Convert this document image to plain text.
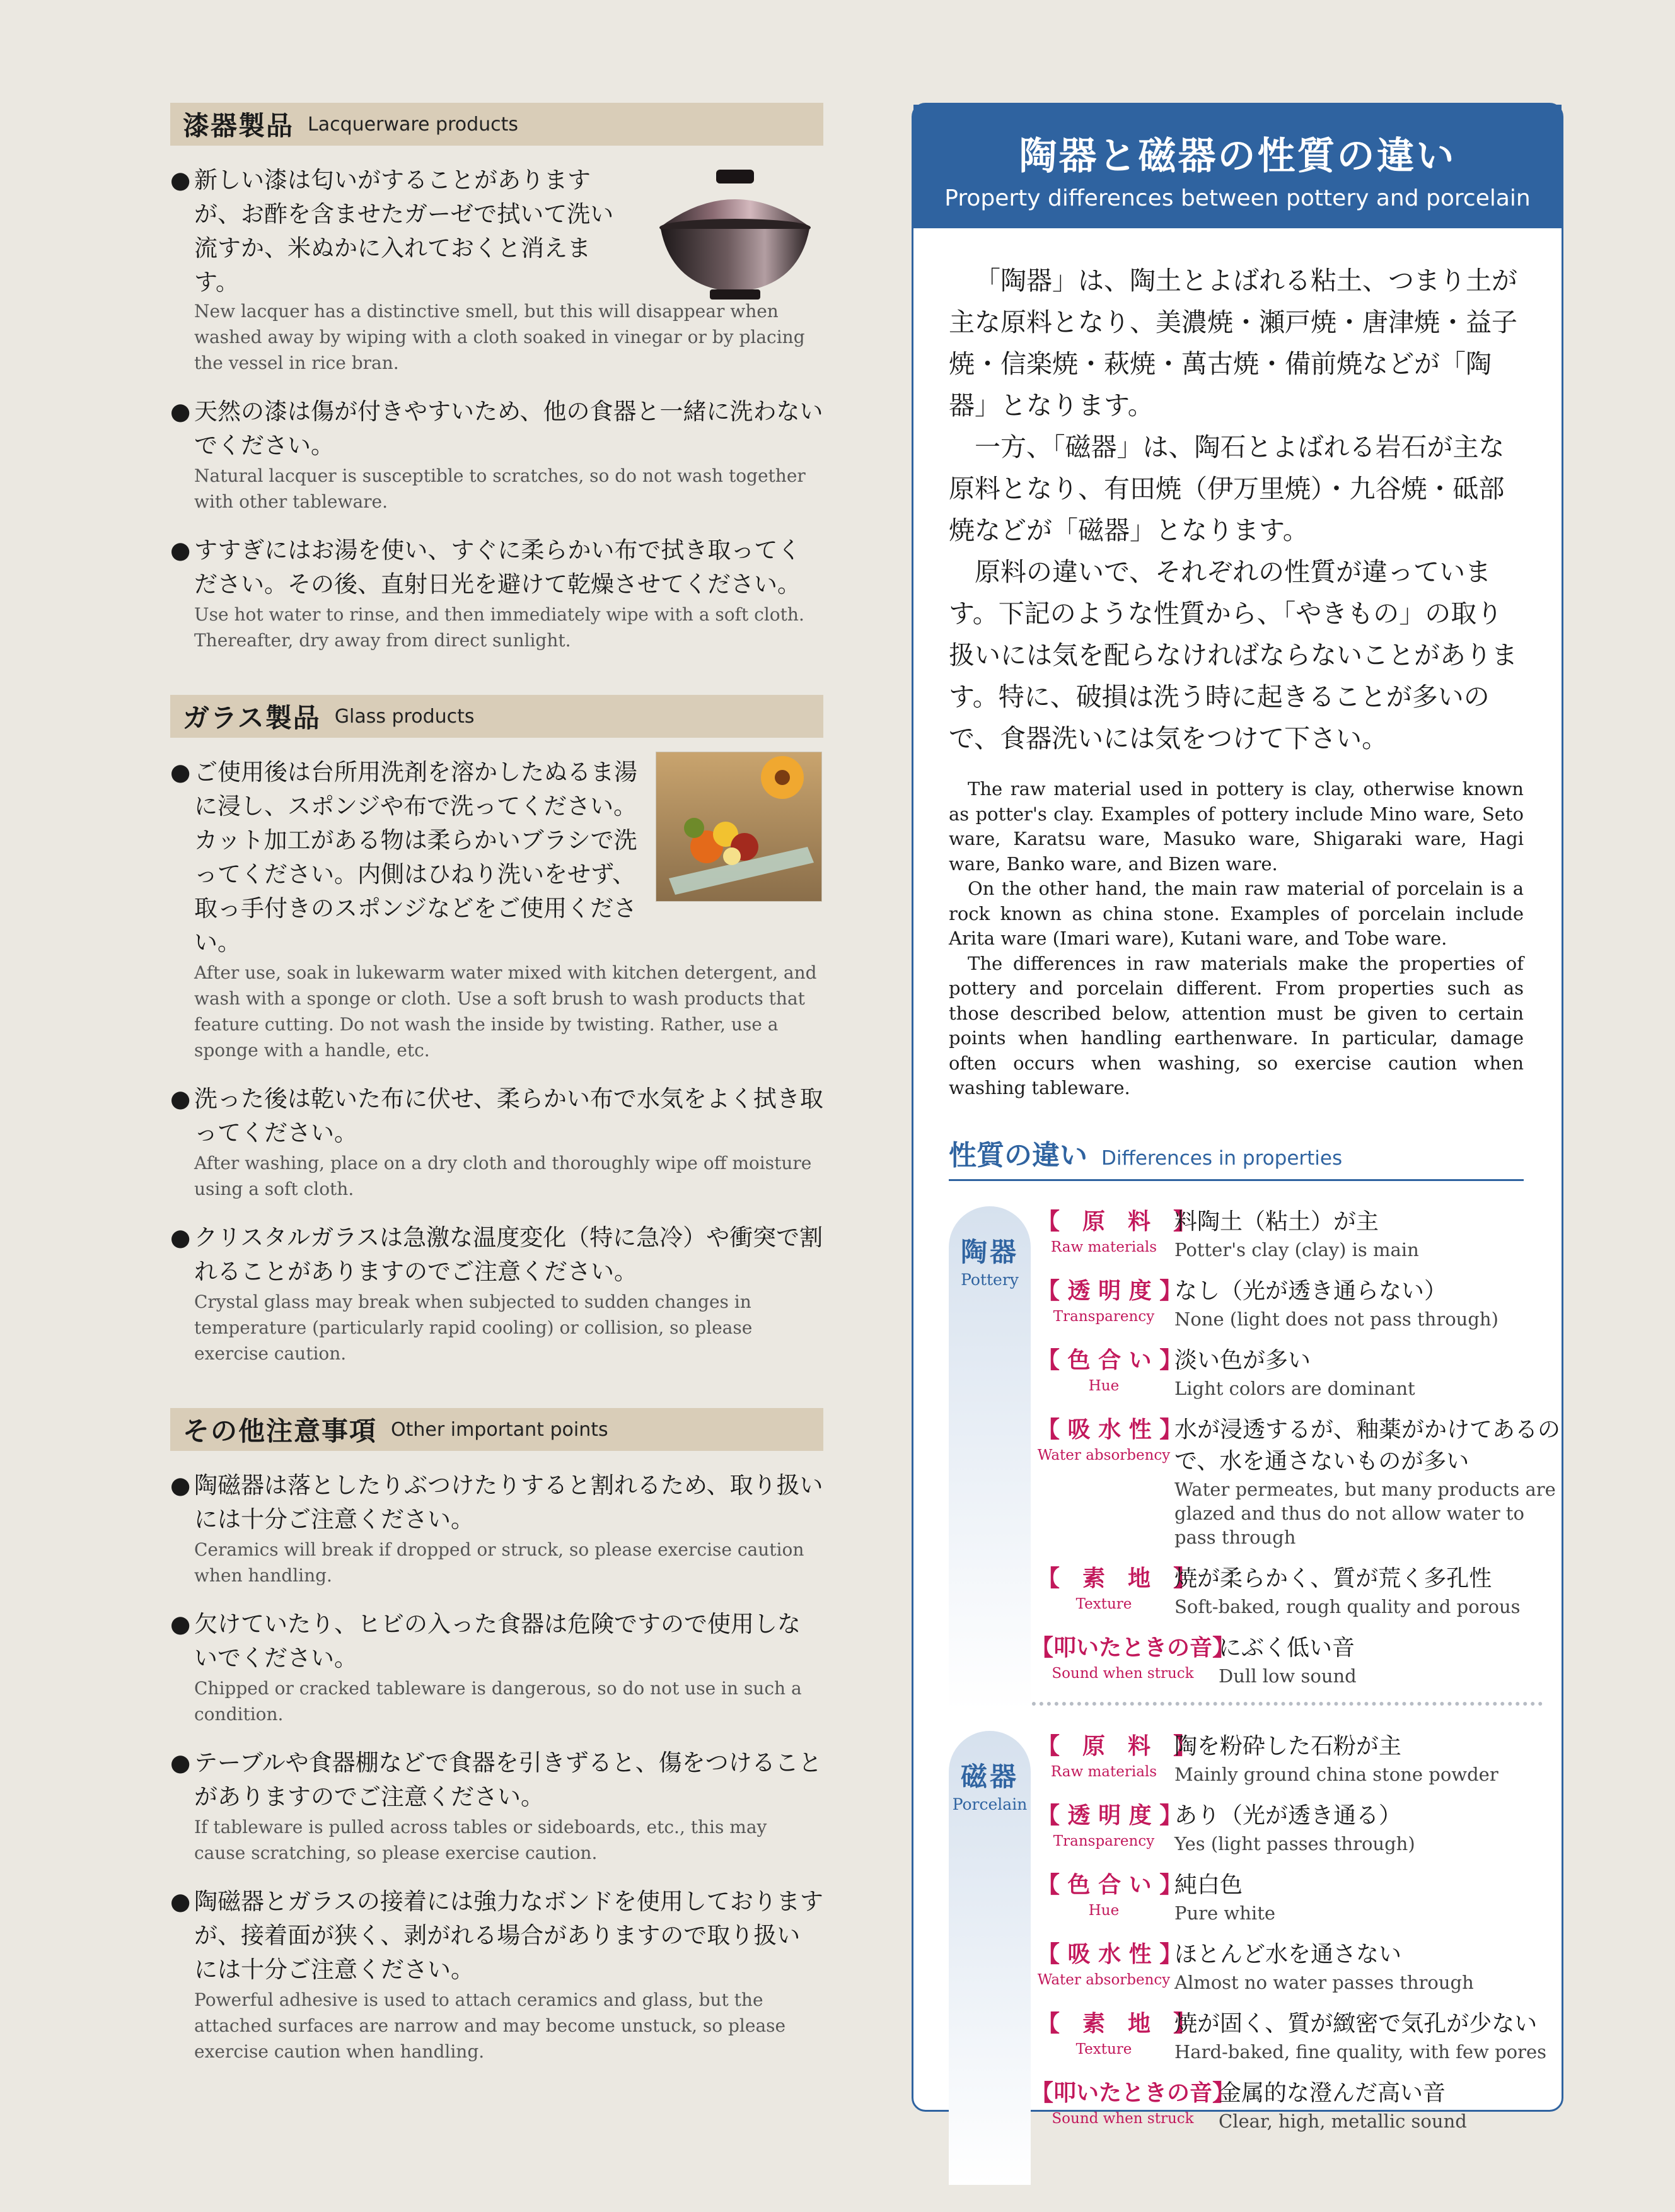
漆器製品 Lacquerware products
● 新しい漆は匂いがすることがありますが、お酢を含ませたガーゼで拭いて洗い流すか、米ぬかに入れておくと消えます。
New lacquer has a distinctive smell, but this will disappear when washed away by wiping with a cloth soaked in vinegar or by placing the vessel in rice bran.
● 天然の漆は傷が付きやすいため、他の食器と一緒に洗わないでください。
Natural lacquer is susceptible to scratches, so do not wash together with other tableware.
● すすぎにはお湯を使い、すぐに柔らかい布で拭き取ってください。その後、直射日光を避けて乾燥させてください。
Use hot water to rinse, and then immediately wipe with a soft cloth. Thereafter, dry away from direct sunlight.
ガラス製品 Glass products
● ご使用後は台所用洗剤を溶かしたぬるま湯に浸し、スポンジや布で洗ってください。カット加工がある物は柔らかいブラシで洗ってください。内側はひねり洗いをせず、取っ手付きのスポンジなどをご使用ください。
After use, soak in lukewarm water mixed with kitchen detergent, and wash with a sponge or cloth. Use a soft brush to wash products that feature cutting. Do not wash the inside by twisting. Rather, use a sponge with a handle, etc.
● 洗った後は乾いた布に伏せ、柔らかい布で水気をよく拭き取ってください。
After washing, place on a dry cloth and thoroughly wipe off moisture using a soft cloth.
● クリスタルガラスは急激な温度変化（特に急冷）や衝突で割れることがありますのでご注意ください。
Crystal glass may break when subjected to sudden changes in temperature (particularly rapid cooling) or collision, so please exercise caution.
その他注意事項 Other important points
● 陶磁器は落としたりぶつけたりすると割れるため、取り扱いには十分ご注意ください。
Ceramics will break if dropped or struck, so please exercise caution when handling.
● 欠けていたり、ヒビの入った食器は危険ですので使用しないでください。
Chipped or cracked tableware is dangerous, so do not use in such a condition.
● テーブルや食器棚などで食器を引きずると、傷をつけることがありますのでご注意ください。
If tableware is pulled across tables or sideboards, etc., this may cause scratching, so please exercise caution.
● 陶磁器とガラスの接着には強力なボンドを使用しておりますが、接着面が狭く、剥がれる場合がありますので取り扱いには十分ご注意ください。
Powerful adhesive is used to attach ceramics and glass, but the attached surfaces are narrow and may become unstuck, so please exercise caution when handling.
陶器と磁器の性質の違い
Property differences between pottery and porcelain

「陶器」は、陶土とよばれる粘土、つまり土が主な原料となり、美濃焼・瀬戸焼・唐津焼・益子焼・信楽焼・萩焼・萬古焼・備前焼などが「陶器」となります。

一方、「磁器」は、陶石とよばれる岩石が主な原料となり、有田焼（伊万里焼）・九谷焼・砥部焼などが「磁器」となります。

原料の違いで、それぞれの性質が違っています。下記のような性質から、「やきもの」の取り扱いには気を配らなければならないことがあります。特に、破損は洗う時に起きることが多いので、食器洗いには気をつけて下さい。

The raw material used in pottery is clay, otherwise known as potter's clay. Examples of pottery include Mino ware, Seto ware, Karatsu ware, Masuko ware, Shigaraki ware, Hagi ware, Banko ware, and Bizen ware.

On the other hand, the main raw material of porcelain is a rock known as china stone. Examples of porcelain include Arita ware (Imari ware), Kutani ware, and Tobe ware.

The differences in raw materials make the properties of pottery and porcelain different. From properties such as those described below, attention must be given to certain points when handling earthenware. In particular, damage often occurs when washing, so exercise caution when washing tableware.

性質の違い Differences in properties
陶器
Pottery
【　原　料　】
Raw materials
料陶土（粘土）が主
Potter's clay (clay) is main
【 透 明 度 】
Transparency
なし（光が透き通らない）
None (light does not pass through)
【 色 合 い 】
Hue
淡い色が多い
Light colors are dominant
【 吸 水 性 】
Water absorbency
水が浸透するが、釉薬がかけてあるので、水を通さないものが多い
Water permeates, but many products are glazed and thus do not allow water to pass through
【　素　地　】
Texture
焼が柔らかく、質が荒く多孔性
Soft-baked, rough quality and porous
【叩いたときの音】
Sound when struck
にぶく低い音
Dull low sound
磁器
Porcelain
【　原　料　】
Raw materials
陶を粉砕した石粉が主
Mainly ground china stone powder
【 透 明 度 】
Transparency
あり（光が透き通る）
Yes (light passes through)
【 色 合 い 】
Hue
純白色
Pure white
【 吸 水 性 】
Water absorbency
ほとんど水を通さない
Almost no water passes through
【　素　地　】
Texture
焼が固く、質が緻密で気孔が少ない
Hard-baked, fine quality, with few pores
【叩いたときの音】
Sound when struck
金属的な澄んだ高い音
Clear, high, metallic sound
